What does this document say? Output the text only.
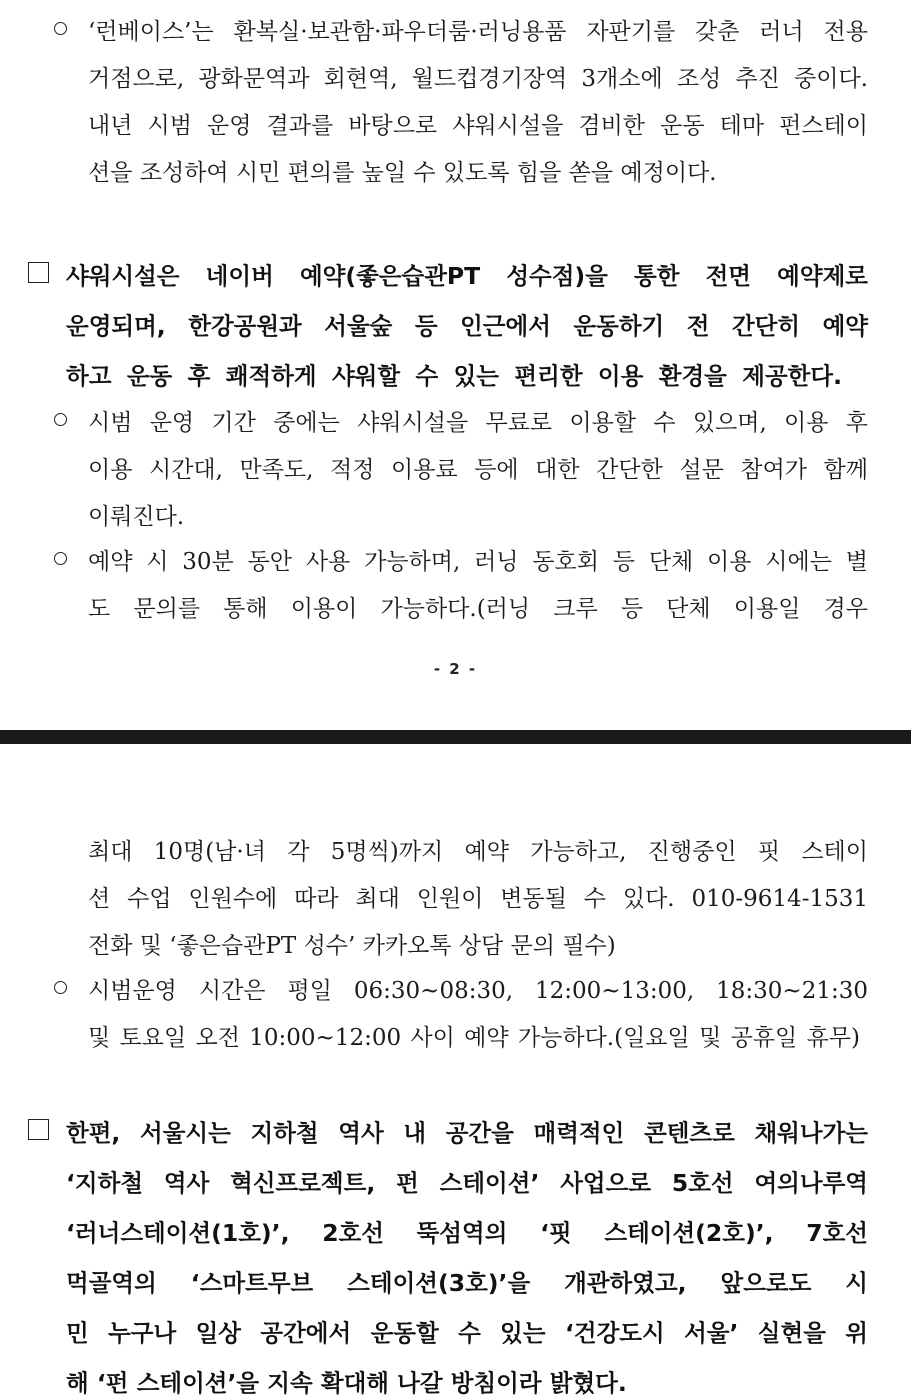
‘런베이스’는 환복실·보관함·파우더룸·러닝용품 자판기를 갖춘 러너 전용
거점으로, 광화문역과 회현역, 월드컵경기장역 3개소에 조성 추진 중이다.
내년 시범 운영 결과를 바탕으로 샤워시설을 겸비한 운동 테마 펀스테이
션을 조성하여 시민 편의를 높일 수 있도록 힘을 쏟을 예정이다.
샤워시설은 네이버 예약(좋은습관PT 성수점)을 통한 전면 예약제로
운영되며, 한강공원과 서울숲 등 인근에서 운동하기 전 간단히 예약
하고 운동 후 쾌적하게 샤워할 수 있는 편리한 이용 환경을 제공한다.
시범 운영 기간 중에는 샤워시설을 무료로 이용할 수 있으며, 이용 후
이용 시간대, 만족도, 적정 이용료 등에 대한 간단한 설문 참여가 함께
이뤄진다.
예약 시 30분 동안 사용 가능하며, 러닝 동호회 등 단체 이용 시에는 별
도 문의를 통해 이용이 가능하다.(러닝 크루 등 단체 이용일 경우
- 2 -
최대 10명(남·녀 각 5명씩)까지 예약 가능하고, 진행중인 핏 스테이
션 수업 인원수에 따라 최대 인원이 변동될 수 있다. 010-9614-1531
전화 및 ‘좋은습관PT 성수’ 카카오톡 상담 문의 필수)
시범운영 시간은 평일 06:30~08:30, 12:00~13:00, 18:30~21:30
및 토요일 오전 10:00~12:00 사이 예약 가능하다.(일요일 및 공휴일 휴무)
한편, 서울시는 지하철 역사 내 공간을 매력적인 콘텐츠로 채워나가는
‘지하철 역사 혁신프로젝트, 펀 스테이션’ 사업으로 5호선 여의나루역
‘러너스테이션(1호)’, 2호선 뚝섬역의 ‘핏 스테이션(2호)’, 7호선
먹골역의 ‘스마트무브 스테이션(3호)’을 개관하였고, 앞으로도 시
민 누구나 일상 공간에서 운동할 수 있는 ‘건강도시 서울’ 실현을 위
해 ‘펀 스테이션’을 지속 확대해 나갈 방침이라 밝혔다.
